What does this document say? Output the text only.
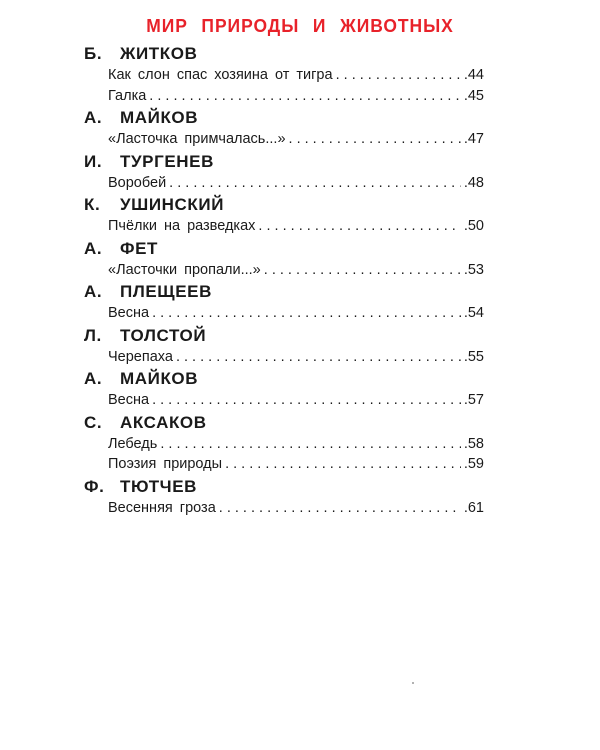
МИР ПРИРОДЫ И ЖИВОТНЫХ
Б.	ЖИТКОВ
Как слон спас хозяина от тигра . . .	.44
Галка . . .	.45
А.	МАЙКОВ
«Ласточка примчалась...» . . .	.47
И.	ТУРГЕНЕВ
Воробей . . .	.48
К.	УШИНСКИЙ
Пчёлки на разведках . . .	.50
А.	ФЕТ
«Ласточки пропали...» . . .	.53
А.	ПЛЕЩЕЕВ
Весна . . .	.54
Л.	ТОЛСТОЙ
Черепаха . . .	.55
А.	МАЙКОВ
Весна . . .	.57
С.	АКСАКОВ
Лебедь . . .	.58
Поэзия природы . . .	.59
Ф. ТЮТЧЕВ
Весенняя гроза . . .	.61
